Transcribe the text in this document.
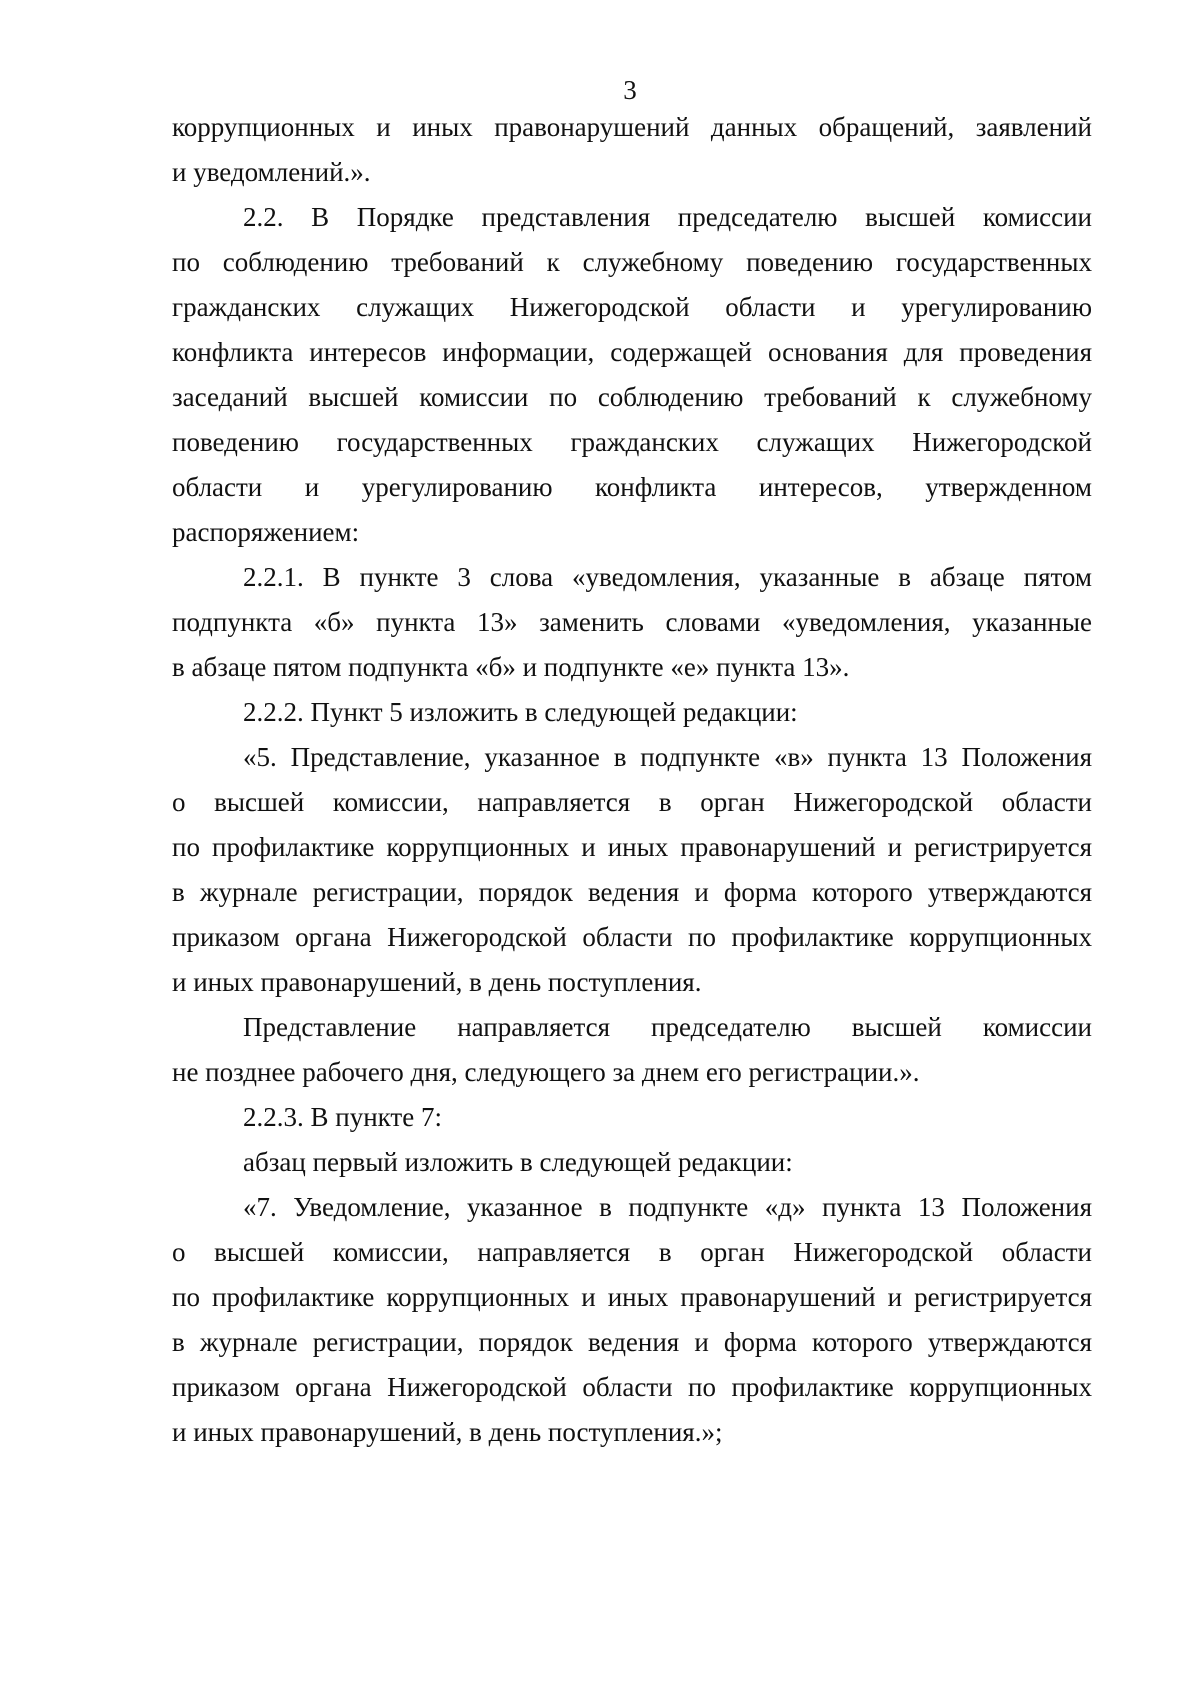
3
коррупционных и иных правонарушений данных обращений, заявлений
и уведомлений.».
2.2. В Порядке представления председателю высшей комиссии
по соблюдению требований к служебному поведению государственных
гражданских служащих Нижегородской области и урегулированию
конфликта интересов информации, содержащей основания для проведения
заседаний высшей комиссии по соблюдению требований к служебному
поведению государственных гражданских служащих Нижегородской
области и урегулированию конфликта интересов, утвержденном
распоряжением:
2.2.1. В пункте 3 слова «уведомления, указанные в абзаце пятом
подпункта «б» пункта 13» заменить словами «уведомления, указанные
в абзаце пятом подпункта «б» и подпункте «е» пункта 13».
2.2.2. Пункт 5 изложить в следующей редакции:
«5. Представление, указанное в подпункте «в» пункта 13 Положения
о высшей комиссии, направляется в орган Нижегородской области
по профилактике коррупционных и иных правонарушений и регистрируется
в журнале регистрации, порядок ведения и форма которого утверждаются
приказом органа Нижегородской области по профилактике коррупционных
и иных правонарушений, в день поступления.
Представление направляется председателю высшей комиссии
не позднее рабочего дня, следующего за днем его регистрации.».
2.2.3. В пункте 7:
абзац первый изложить в следующей редакции:
«7. Уведомление, указанное в подпункте «д» пункта 13 Положения
о высшей комиссии, направляется в орган Нижегородской области
по профилактике коррупционных и иных правонарушений и регистрируется
в журнале регистрации, порядок ведения и форма которого утверждаются
приказом органа Нижегородской области по профилактике коррупционных
и иных правонарушений, в день поступления.»;
